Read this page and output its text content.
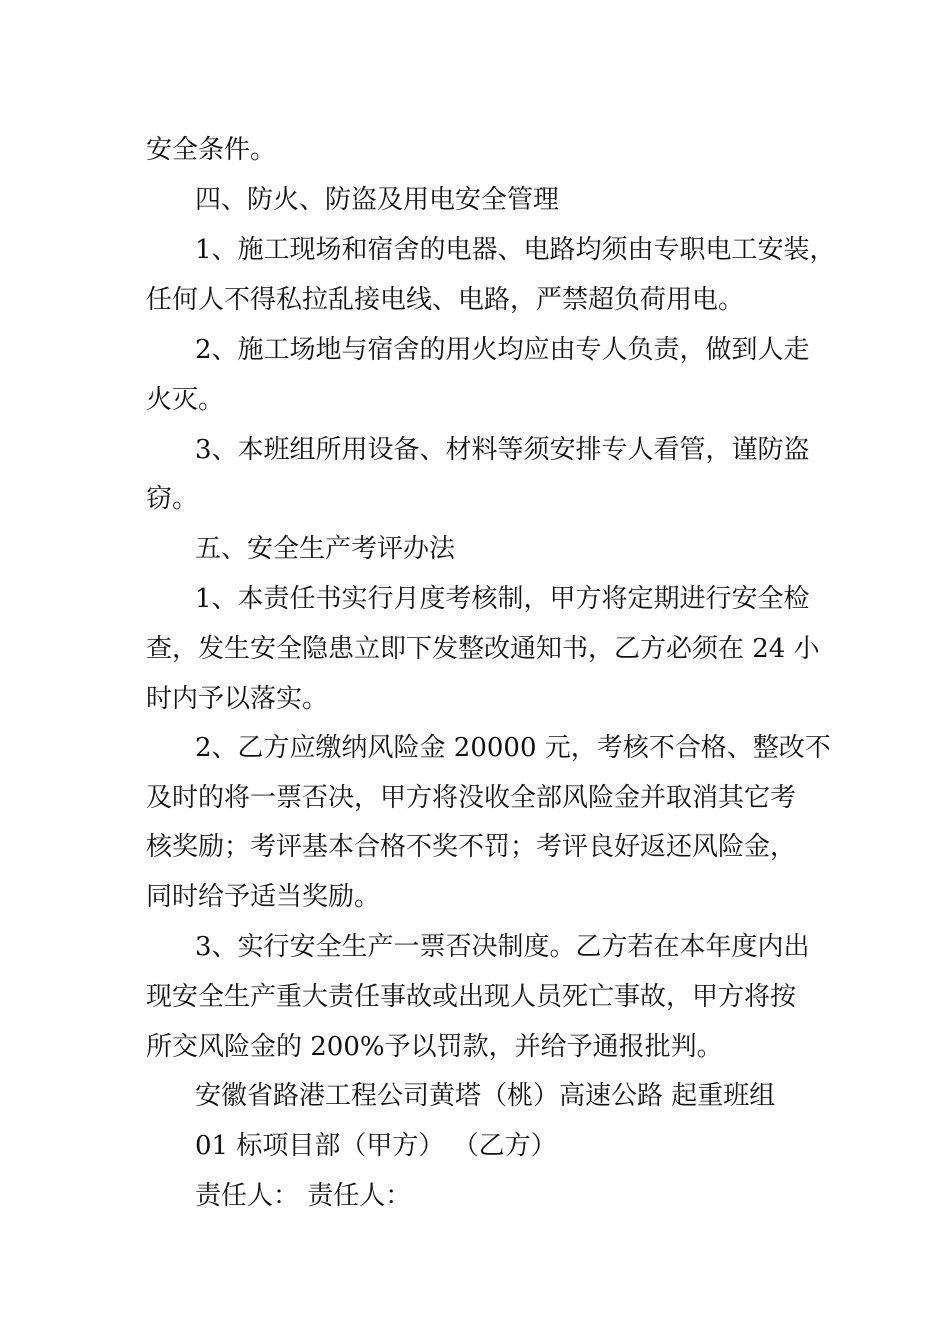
安全条件。
四、防火、防盗及用电安全管理
1、施工现场和宿舍的电器、电路均须由专职电工安装，
任何人不得私拉乱接电线、电路，严禁超负荷用电。
2、施工场地与宿舍的用火均应由专人负责，做到人走
火灭。
3、本班组所用设备、材料等须安排专人看管，谨防盗
窃。
五、安全生产考评办法
1、本责任书实行月度考核制，甲方将定期进行安全检
查，发生安全隐患立即下发整改通知书，乙方必须在 24 小
时内予以落实。
2、乙方应缴纳风险金 20000 元，考核不合格、整改不
及时的将一票否决，甲方将没收全部风险金并取消其它考
核奖励；考评基本合格不奖不罚；考评良好返还风险金，
同时给予适当奖励。
3、实行安全生产一票否决制度。乙方若在本年度内出
现安全生产重大责任事故或出现人员死亡事故，甲方将按
所交风险金的 200%予以罚款，并给予通报批判。
安徽省路港工程公司黄塔（桃）高速公路 起重班组
01 标项目部（甲方） （乙方）
责任人： 责任人：
